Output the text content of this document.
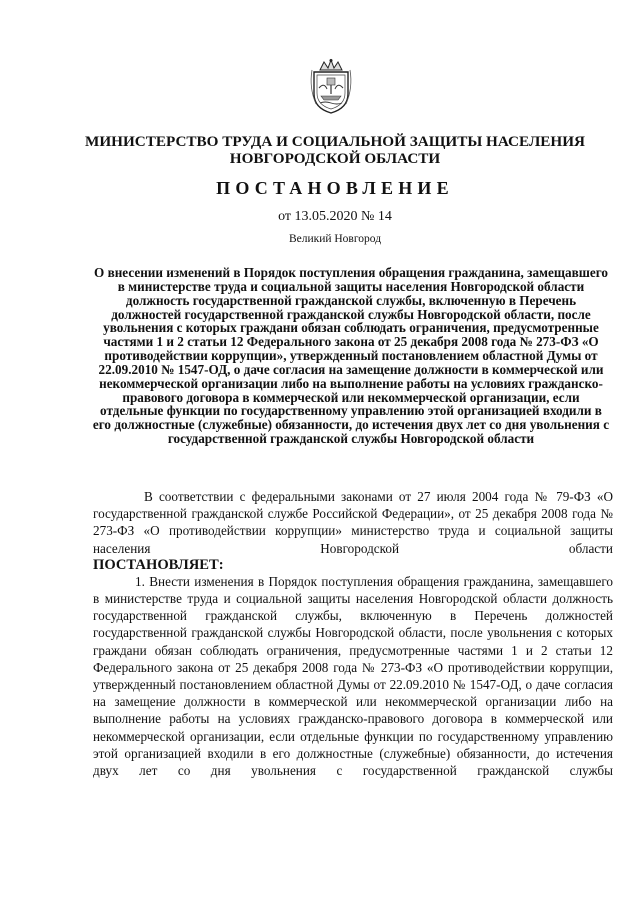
МИНИСТЕРСТВО ТРУДА И СОЦИАЛЬНОЙ ЗАЩИТЫ НАСЕЛЕНИЯ

НОВГОРОДСКОЙ ОБЛАСТИ

ПОСТАНОВЛЕНИЕ

от 13.05.2020 № 14

Великий Новгород

О внесении изменений в Порядок поступления обращения гражданина, замещавшего в министерстве труда и социальной защиты населения Новгородской области должность государственной гражданской службы, включенную в Перечень должностей государственной гражданской службы Новгородской области, после увольнения с которых граждани обязан соблюдать ограничения, предусмотренные частями 1 и 2 статьи 12 Федерального закона от 25 декабря 2008 года № 273-ФЗ «О противодействии коррупции», утвержденный постановлением областной Думы от 22.09.2010 № 1547-ОД, о даче согласия на замещение должности в коммерческой или некоммерческой организации либо на выполнение работы на условиях гражданско-правового договора в коммерческой или некоммерческой организации, если отдельные функции по государственному управлению этой организацией входили в его должностные (служебные) обязанности, до истечения двух лет со дня увольнения с государственной гражданской службы Новгородской области

В соответствии с федеральными законами от 27 июля 2004 года № 79-ФЗ «О государственной гражданской службе Российской Федерации», от 25 декабря 2008 года № 273-ФЗ «О противодействии коррупции» министерство труда и социальной защиты населения Новгородской области

ПОСТАНОВЛЯЕТ:

1. Внести изменения в Порядок поступления обращения гражданина, замещавшего в министерстве труда и социальной защиты населения Новгородской области должность государственной гражданской службы, включенную в Перечень должностей государственной гражданской службы Новгородской области, после увольнения с которых граждани обязан соблюдать ограничения, предусмотренные частями 1 и 2 статьи 12 Федерального закона от 25 декабря 2008 года № 273-ФЗ «О противодействии коррупции, утвержденный постановлением областной Думы от 22.09.2010 № 1547-ОД, о даче согласия на замещение должности в коммерческой или некоммерческой организации либо на выполнение работы на условиях гражданско-правового договора в коммерческой или некоммерческой организации, если отдельные функции по государственному управлению этой организацией входили в его должностные (служебные) обязанности, до истечения двух лет со дня увольнения с государственной гражданской службы
